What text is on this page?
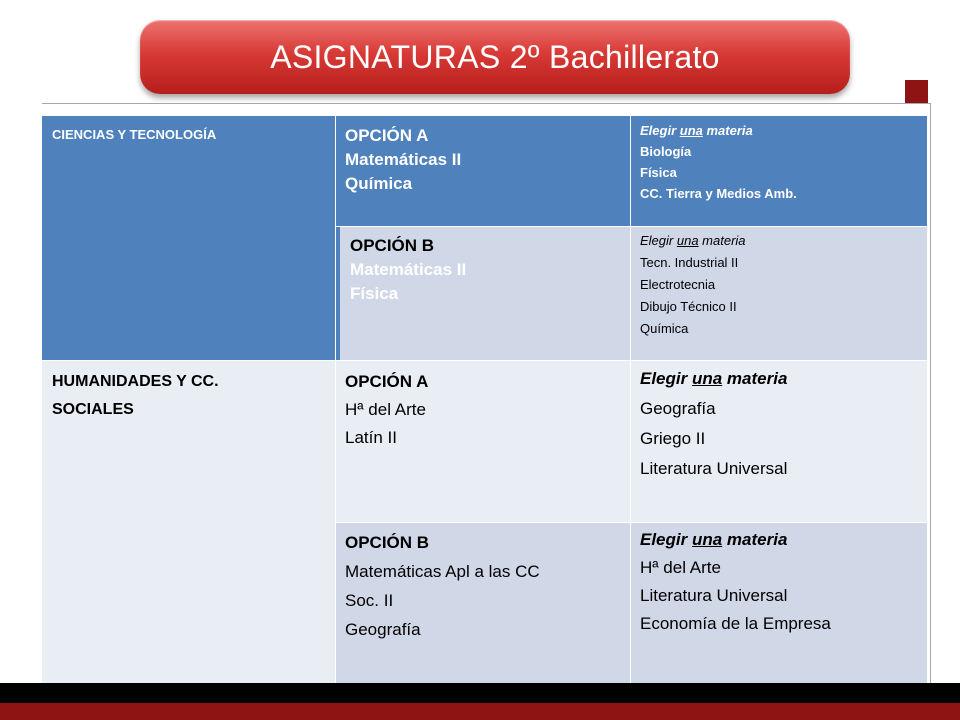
ASIGNATURAS 2º Bachillerato
CIENCIAS Y TECNOLOGÍA	OPCIÓN A
Matemáticas II
Química
Elegir una materia
Biología
Física
CC. Tierra y Medios Amb.
OPCIÓN B
Matemáticas II
Física
Elegir una materia
Tecn. Industrial II
Electrotecnia
Dibujo Técnico II
Química
HUMANIDADES Y CC.
SOCIALES
OPCIÓN A
Hª del Arte
Latín II
Elegir una materia
Geografía
Griego II
Literatura Universal
OPCIÓN B
Matemáticas Apl a las CC
Soc. II
Geografía
Elegir una materia
Hª del Arte
Literatura Universal
Economía de la Empresa
